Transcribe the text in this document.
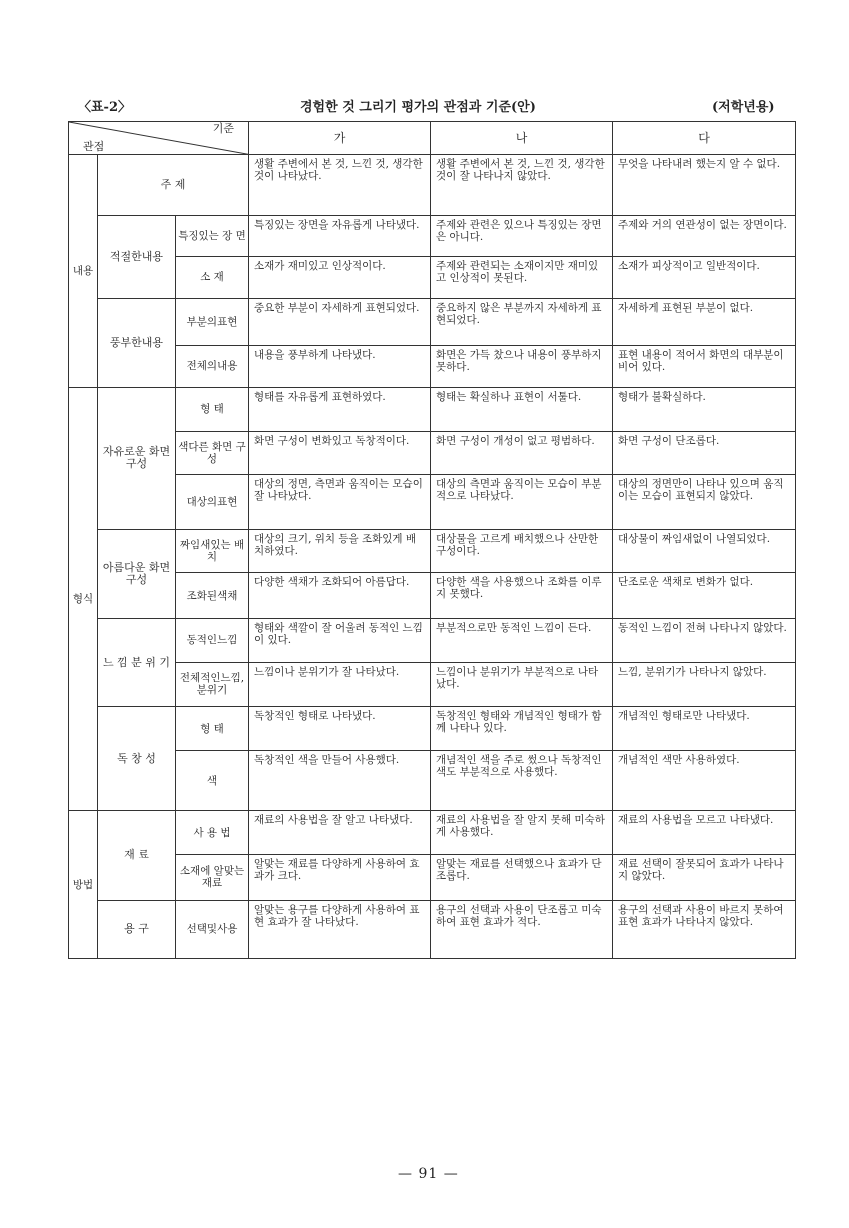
〈표-2〉	경험한 것 그리기 평가의 관점과 기준(안)	(저학년용)
기준
관점			가	나	다
내용	주 제		생활 주변에서 본 것, 느낀 것, 생각한 것이 나타났다.	생활 주변에서 본 것, 느낀 것, 생각한 것이 잘 나타나지 않았다.	무엇을 나타내려 했는지 알 수 없다.
	적절한내용	특징있는 장 면	특징있는 장면을 자유롭게 나타냈다.	주제와 관련은 있으나 특징있는 장면은 아니다.	주제와 거의 연관성이 없는 장면이다.
		소 재	소재가 재미있고 인상적이다.	주제와 관련되는 소재이지만 재미있고 인상적이 못된다.	소재가 피상적이고 일반적이다.
	풍부한내용	부분의표현	중요한 부분이 자세하게 표현되었다.	중요하지 않은 부분까지 자세하게 표현되었다.	자세하게 표현된 부분이 없다.
		전체의내용	내용을 풍부하게 나타냈다.	화면은 가득 찼으나 내용이 풍부하지 못하다.	표현 내용이 적어서 화면의 대부분이 비어 있다.
형식	자유로운 화면구성	형 태	형태를 자유롭게 표현하였다.	형태는 확실하나 표현이 서툴다.	형태가 불확실하다.
		색다른 화면 구성	화면 구성이 변화있고 독창적이다.	화면 구성이 개성이 없고 평범하다.	화면 구성이 단조롭다.
		대상의표현	대상의 정면, 측면과 움직이는 모습이 잘 나타났다.	대상의 측면과 움직이는 모습이 부분적으로 나타났다.	대상의 정면만이 나타나 있으며 움직이는 모습이 표현되지 않았다.
	아름다운 화면구성	짜임새있는 배 치	대상의 크기, 위치 등을 조화있게 배치하였다.	대상물을 고르게 배치했으나 산만한 구성이다.	대상물이 짜임새없이 나열되었다.
		조화된색채	다양한 색채가 조화되어 아름답다.	다양한 색을 사용했으나 조화를 이루지 못했다.	단조로운 색채로 변화가 없다.
	느 낌 분 위 기	동적인느낌	형태와 색깔이 잘 어울려 동적인 느낌이 있다.	부분적으로만 동적인 느낌이 든다.	동적인 느낌이 전혀 나타나지 않았다.
		전체적인느낌, 분위기	느낌이나 분위기가 잘 나타났다.	느낌이나 분위기가 부분적으로 나타났다.	느낌, 분위기가 나타나지 않았다.
	독 창 성	형 태	독창적인 형태로 나타냈다.	독창적인 형태와 개념적인 형태가 함께 나타나 있다.	개념적인 형태로만 나타냈다.
		색	독창적인 색을 만들어 사용했다.	개념적인 색을 주로 썼으나 독창적인 색도 부분적으로 사용했다.	개념적인 색만 사용하였다.
방법	재 료	사 용 법	재료의 사용법을 잘 알고 나타냈다.	재료의 사용법을 잘 알지 못해 미숙하게 사용했다.	재료의 사용법을 모르고 나타냈다.
		소재에 알맞는 재료	알맞는 재료를 다양하게 사용하여 효과가 크다.	알맞는 재료를 선택했으나 효과가 단조롭다.	재료 선택이 잘못되어 효과가 나타나지 않았다.
	용 구	선택및사용	알맞는 용구를 다양하게 사용하여 표현 효과가 잘 나타났다.	용구의 선택과 사용이 단조롭고 미숙하여 표현 효과가 적다.	용구의 선택과 사용이 바르지 못하여 표현 효과가 나타나지 않았다.
— 91 —
